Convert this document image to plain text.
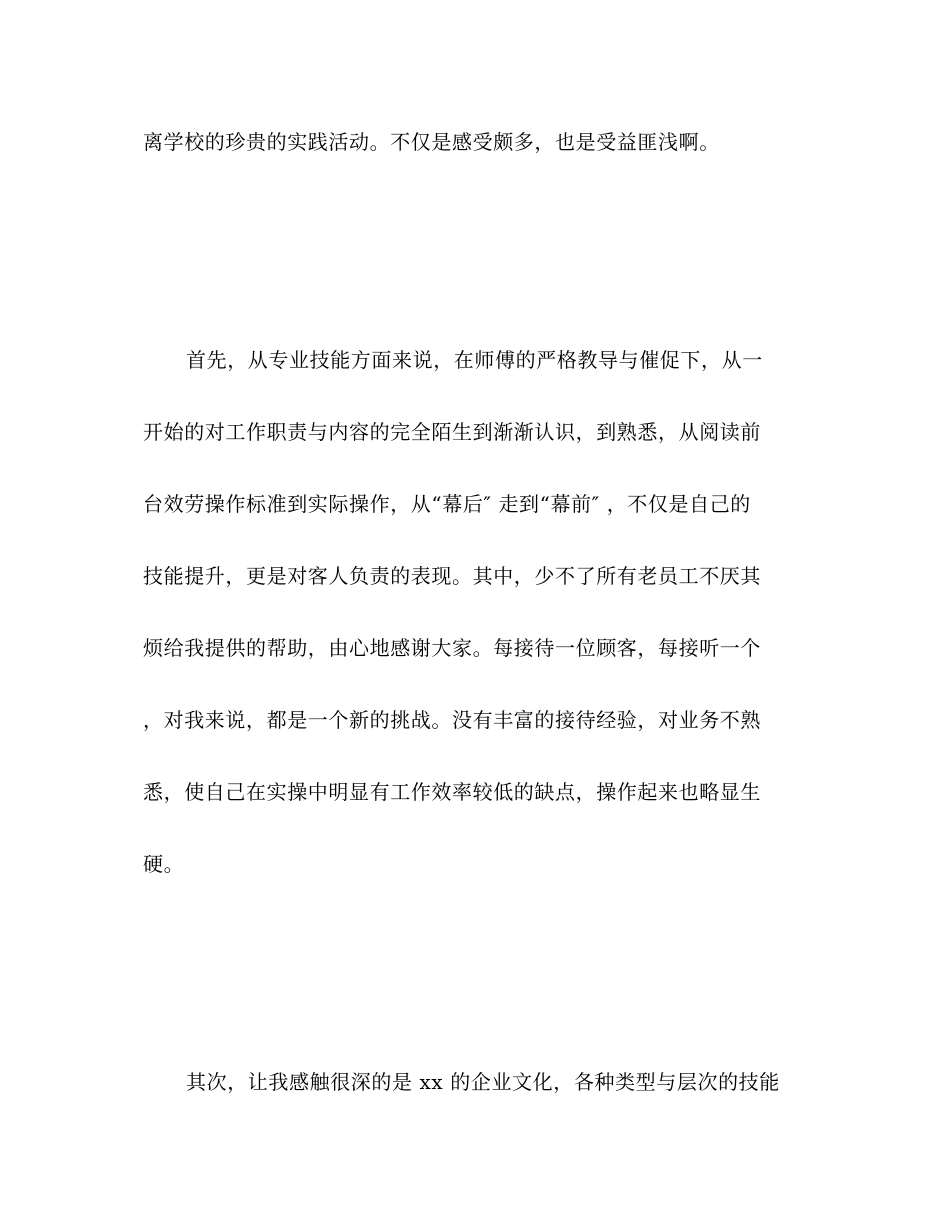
离学校的珍贵的实践活动。不仅是感受颇多，也是受益匪浅啊。
首先，从专业技能方面来说，在师傅的严格教导与催促下，从一
开始的对工作职责与内容的完全陌生到渐渐认识，到熟悉，从阅读前
台效劳操作标准到实际操作，从“幕后″ 走到“幕前″ ，不仅是自己的
技能提升，更是对客人负责的表现。其中，少不了所有老员工不厌其
烦给我提供的帮助，由心地感谢大家。每接待一位顾客，每接听一个
，对我来说，都是一个新的挑战。没有丰富的接待经验，对业务不熟
悉，使自己在实操中明显有工作效率较低的缺点，操作起来也略显生
硬。
其次，让我感触很深的是 xx 的企业文化，各种类型与层次的技能
